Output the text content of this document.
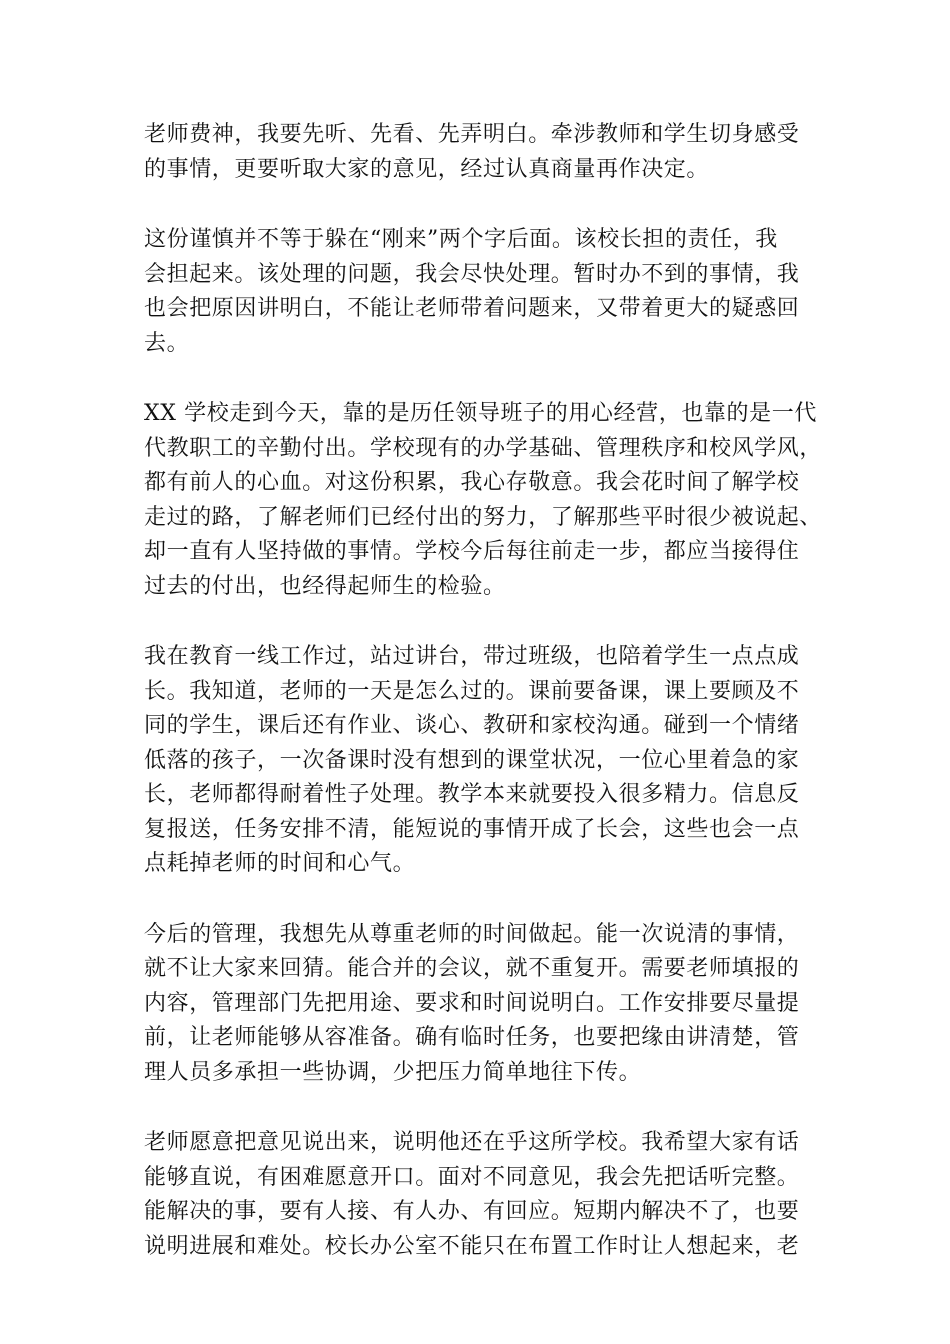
老师费神，我要先听、先看、先弄明白。牵涉教师和学生切身感受
的事情，更要听取大家的意见，经过认真商量再作决定。

这份谨慎并不等于躲在“刚来”两个字后面。该校长担的责任，我
会担起来。该处理的问题，我会尽快处理。暂时办不到的事情，我
也会把原因讲明白，不能让老师带着问题来，又带着更大的疑惑回
去。

XX 学校走到今天，靠的是历任领导班子的用心经营，也靠的是一代
代教职工的辛勤付出。学校现有的办学基础、管理秩序和校风学风，
都有前人的心血。对这份积累，我心存敬意。我会花时间了解学校
走过的路，了解老师们已经付出的努力，了解那些平时很少被说起、
却一直有人坚持做的事情。学校今后每往前走一步，都应当接得住
过去的付出，也经得起师生的检验。

我在教育一线工作过，站过讲台，带过班级，也陪着学生一点点成
长。我知道，老师的一天是怎么过的。课前要备课，课上要顾及不
同的学生，课后还有作业、谈心、教研和家校沟通。碰到一个情绪
低落的孩子，一次备课时没有想到的课堂状况，一位心里着急的家
长，老师都得耐着性子处理。教学本来就要投入很多精力。信息反
复报送，任务安排不清，能短说的事情开成了长会，这些也会一点
点耗掉老师的时间和心气。

今后的管理，我想先从尊重老师的时间做起。能一次说清的事情，
就不让大家来回猜。能合并的会议，就不重复开。需要老师填报的
内容，管理部门先把用途、要求和时间说明白。工作安排要尽量提
前，让老师能够从容准备。确有临时任务，也要把缘由讲清楚，管
理人员多承担一些协调，少把压力简单地往下传。

老师愿意把意见说出来，说明他还在乎这所学校。我希望大家有话
能够直说，有困难愿意开口。面对不同意见，我会先把话听完整。
能解决的事，要有人接、有人办、有回应。短期内解决不了，也要
说明进展和难处。校长办公室不能只在布置工作时让人想起来，老
